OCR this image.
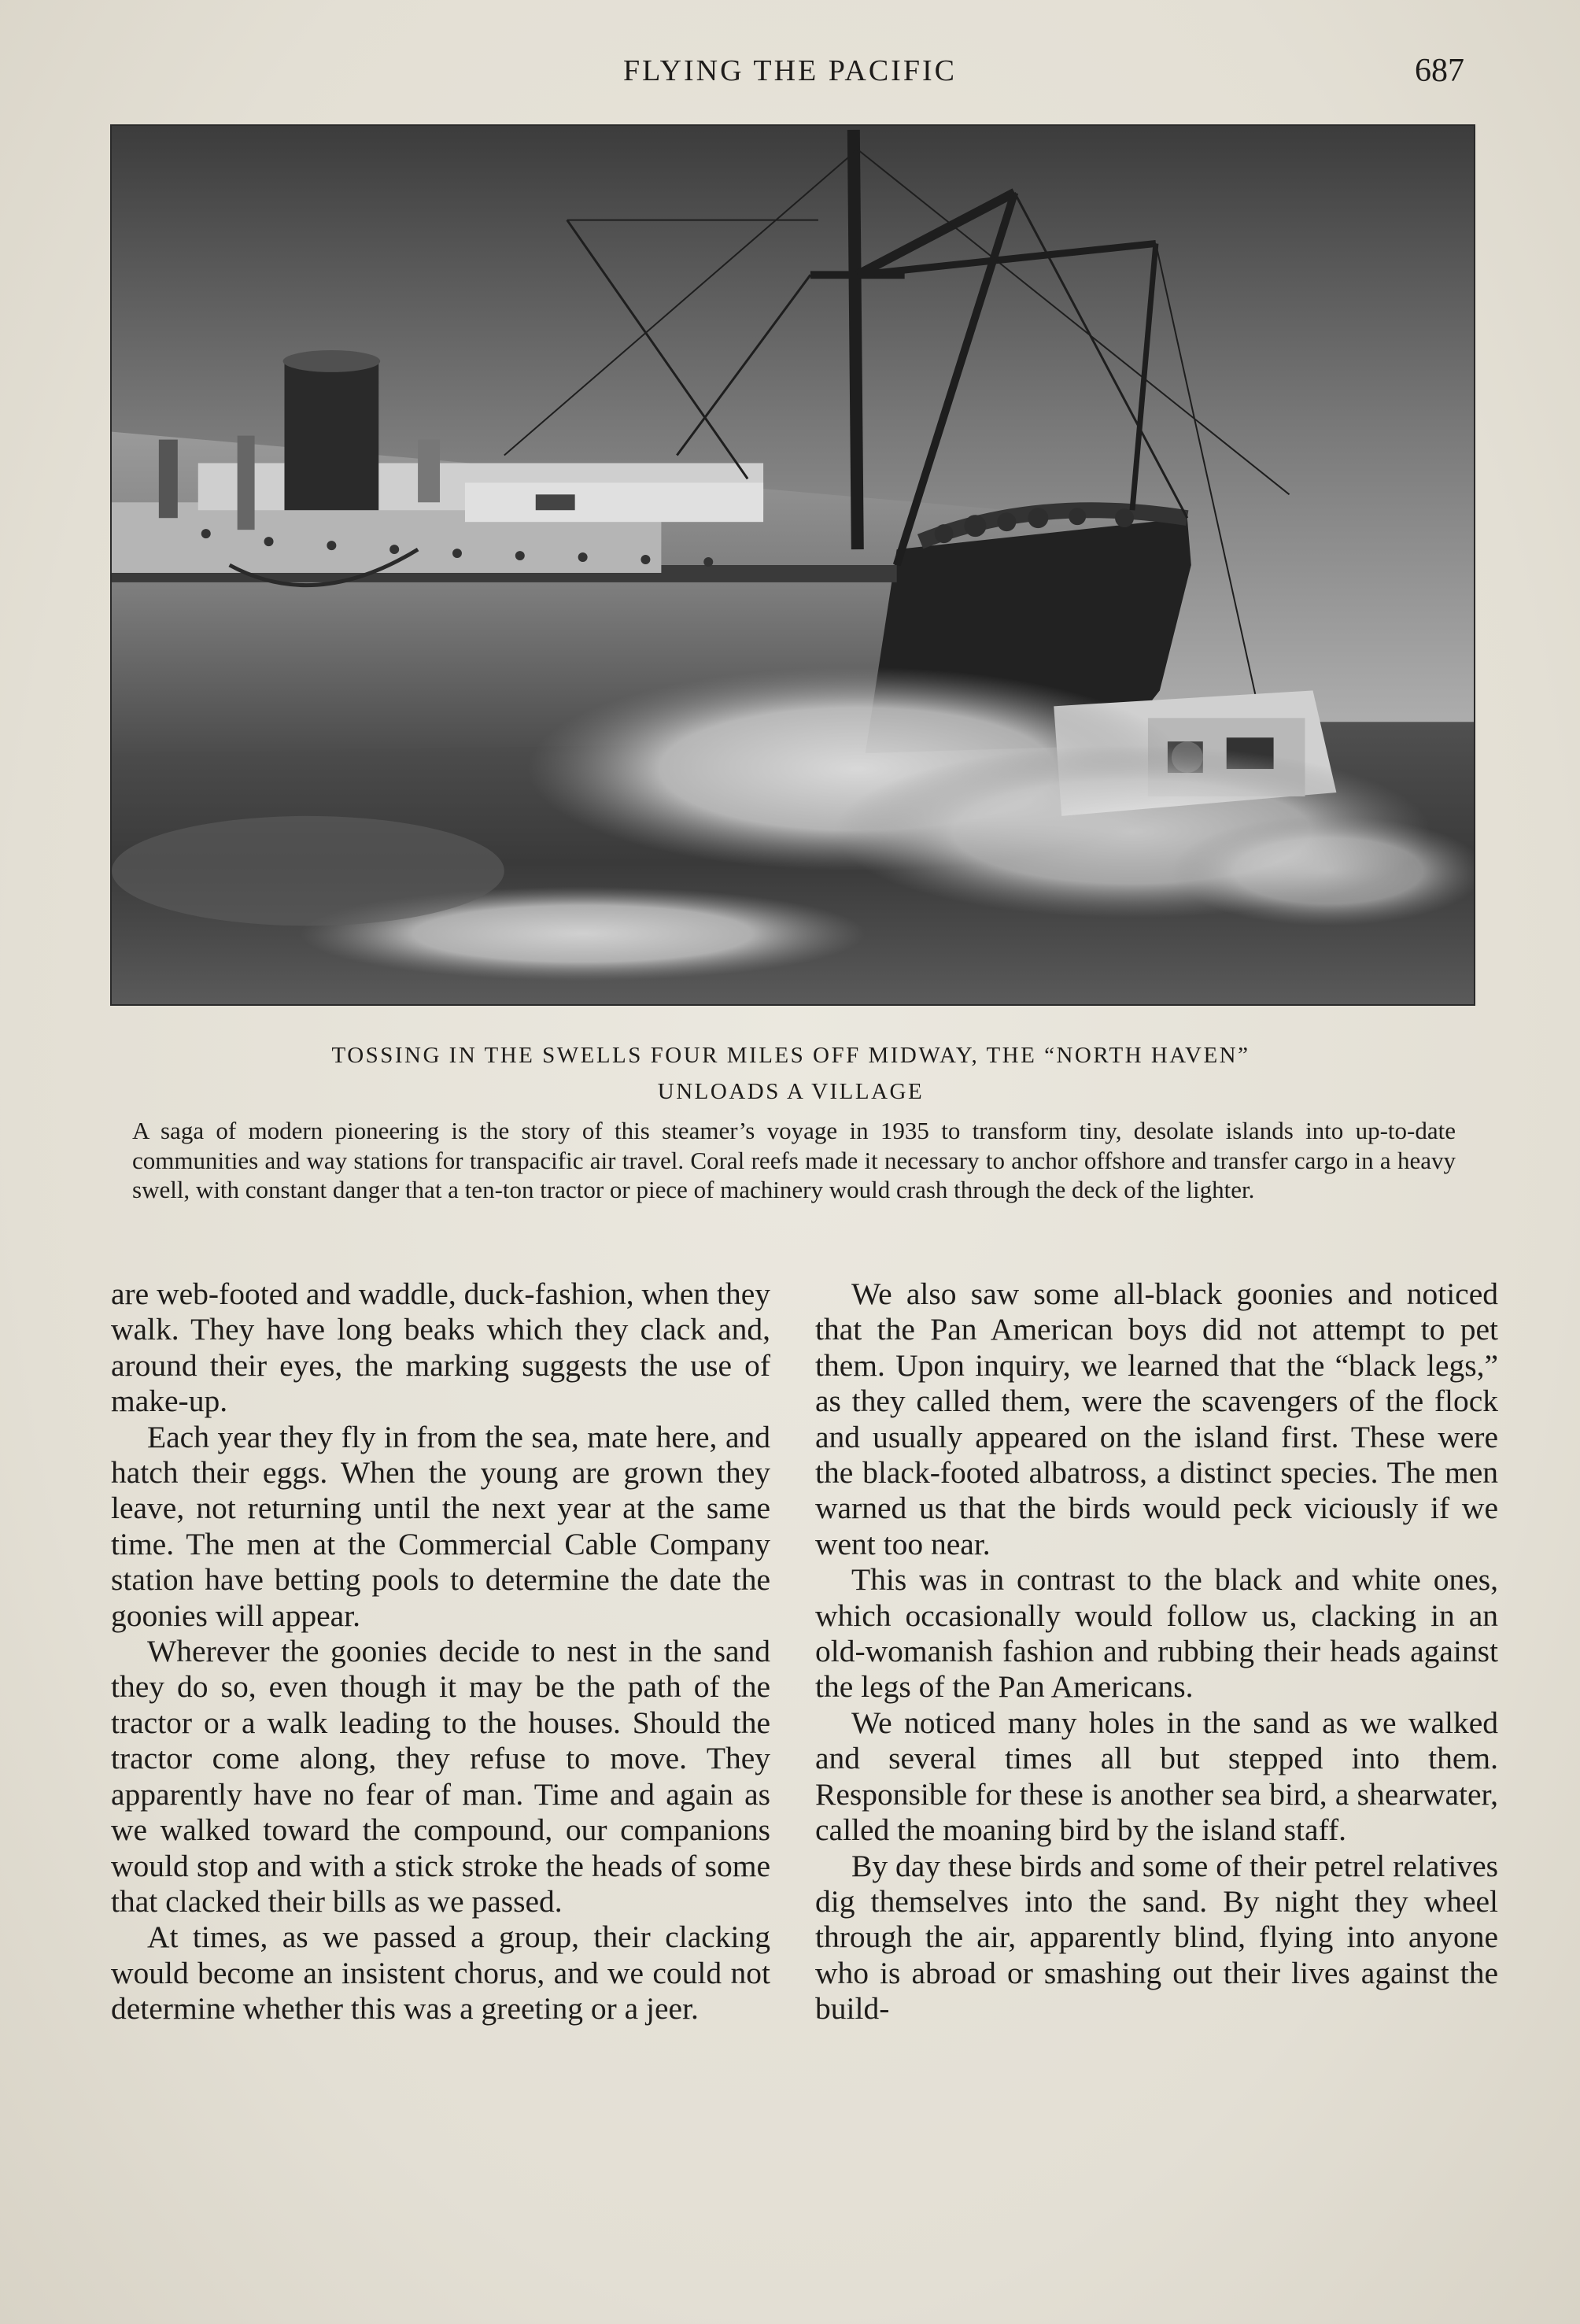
FLYING THE PACIFIC	687
TOSSING IN THE SWELLS FOUR MILES OFF MIDWAY, THE “NORTH HAVEN”
UNLOADS A VILLAGE
A saga of modern pioneering is the story of this steamer’s voyage in 1935 to transform tiny, desolate islands into up-to-date communities and way stations for transpacific air travel. Coral reefs made it necessary to anchor offshore and transfer cargo in a heavy swell, with constant danger that a ten-ton tractor or piece of machinery would crash through the deck of the lighter.

are web-footed and waddle, duck-fashion, when they walk. They have long beaks which they clack and, around their eyes, the marking suggests the use of make-up.

Each year they fly in from the sea, mate here, and hatch their eggs. When the young are grown they leave, not returning until the next year at the same time. The men at the Commercial Cable Company station have betting pools to determine the date the goonies will appear.

Wherever the goonies decide to nest in the sand they do so, even though it may be the path of the tractor or a walk leading to the houses. Should the tractor come along, they refuse to move. They apparently have no fear of man. Time and again as we walked toward the compound, our companions would stop and with a stick stroke the heads of some that clacked their bills as we passed.

At times, as we passed a group, their clacking would become an insistent chorus, and we could not determine whether this was a greeting or a jeer.

We also saw some all-black goonies and noticed that the Pan American boys did not attempt to pet them. Upon inquiry, we learned that the “black legs,” as they called them, were the scavengers of the flock and usually appeared on the island first. These were the black-footed albatross, a distinct species. The men warned us that the birds would peck viciously if we went too near.

This was in contrast to the black and white ones, which occasionally would follow us, clacking in an old-womanish fashion and rubbing their heads against the legs of the Pan Americans.

We noticed many holes in the sand as we walked and several times all but stepped into them. Responsible for these is another sea bird, a shearwater, called the moaning bird by the island staff.

By day these birds and some of their petrel relatives dig themselves into the sand. By night they wheel through the air, apparently blind, flying into anyone who is abroad or smashing out their lives against the build-
